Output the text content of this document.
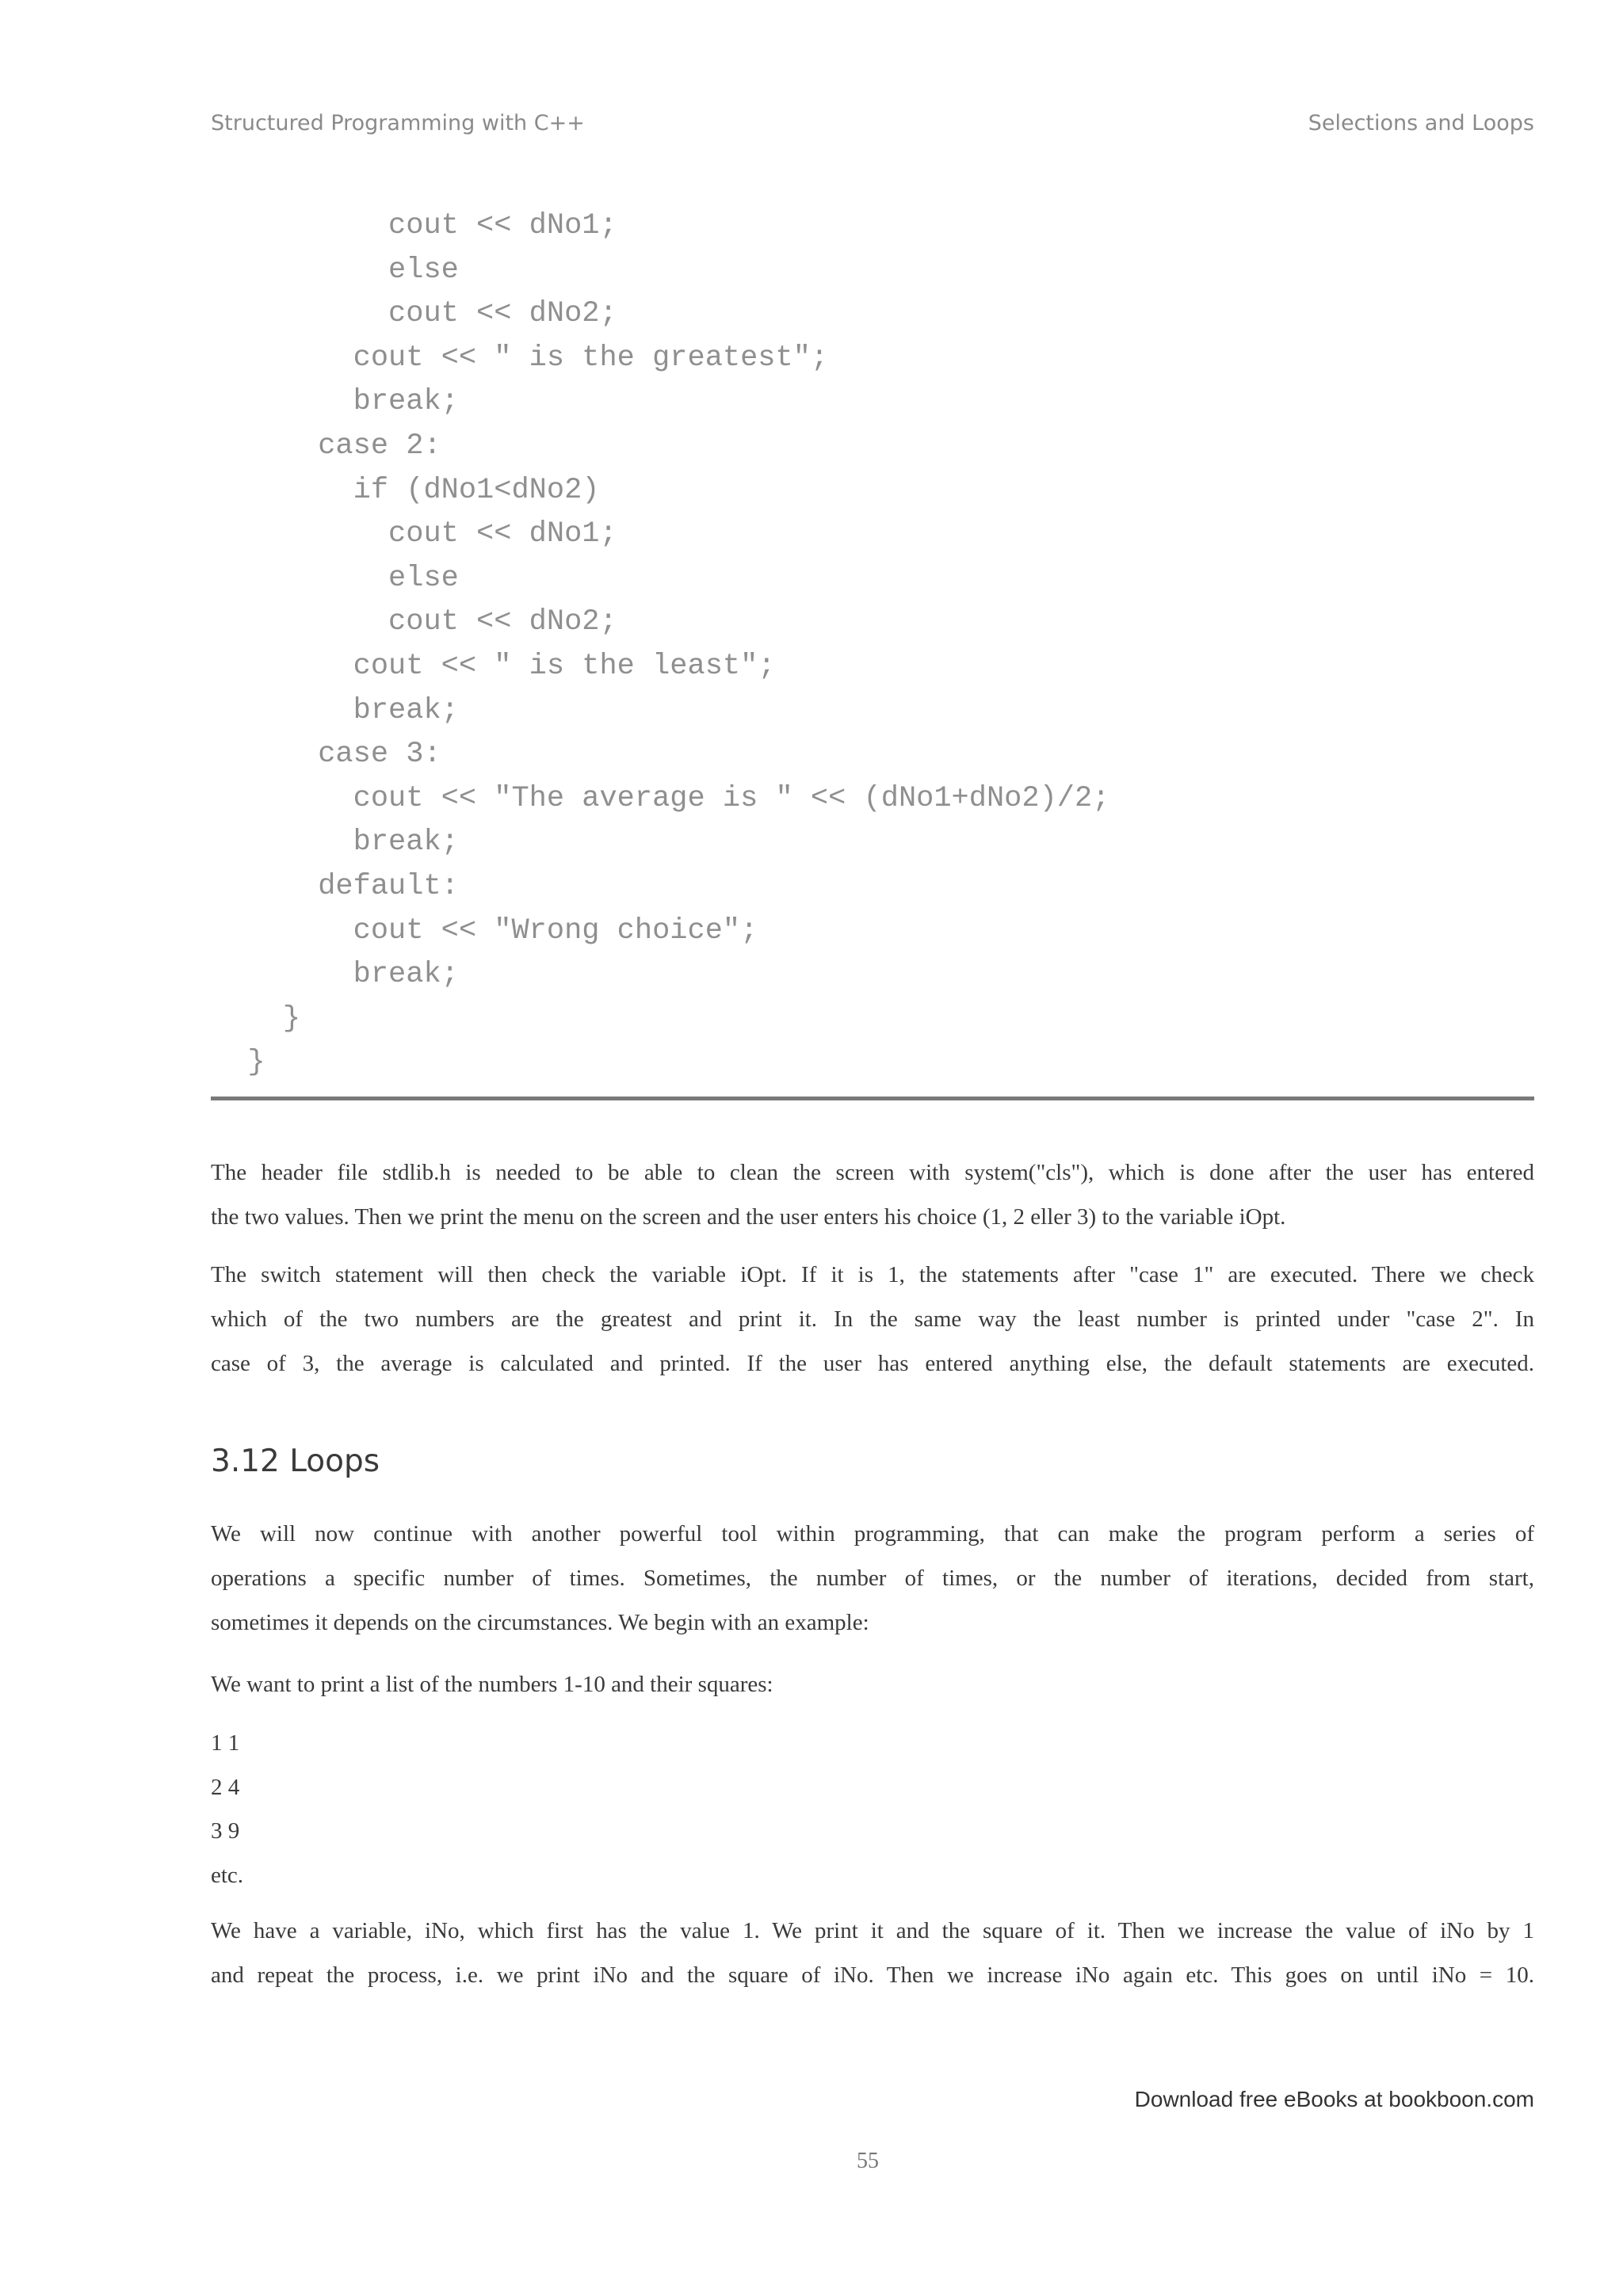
Structured Programming with C++	Selections and Loops
cout << dNo1;
else
cout << dNo2;
cout << " is the greatest";
break;
case 2:
if (dNo1<dNo2)
cout << dNo1;
else
cout << dNo2;
cout << " is the least";
break;
case 3:
cout << "The average is " << (dNo1+dNo2)/2;
break;
default:
cout << "Wrong choice";
break;
}
}
The header file stdlib.h is needed to be able to clean the screen with system("cls"), which is done after the user has entered
the two values. Then we print the menu on the screen and the user enters his choice (1, 2 eller 3) to the variable iOpt.
The switch statement will then check the variable iOpt. If it is 1, the statements after "case 1" are executed. There we check
which of the two numbers are the greatest and print it. In the same way the least number is printed under "case 2". In
case of 3, the average is calculated and printed. If the user has entered anything else, the default statements are executed.
3.12 Loops
We will now continue with another powerful tool within programming, that can make the program perform a series of
operations a specific number of times. Sometimes, the number of times, or the number of iterations, decided from start,
sometimes it depends on the circumstances. We begin with an example:
We want to print a list of the numbers 1-10 and their squares:
1 1
2 4
3 9
etc.
We have a variable, iNo, which first has the value 1. We print it and the square of it. Then we increase the value of iNo by 1
and repeat the process, i.e. we print iNo and the square of iNo. Then we increase iNo again etc. This goes on until iNo = 10.
Download free eBooks at bookboon.com
55
